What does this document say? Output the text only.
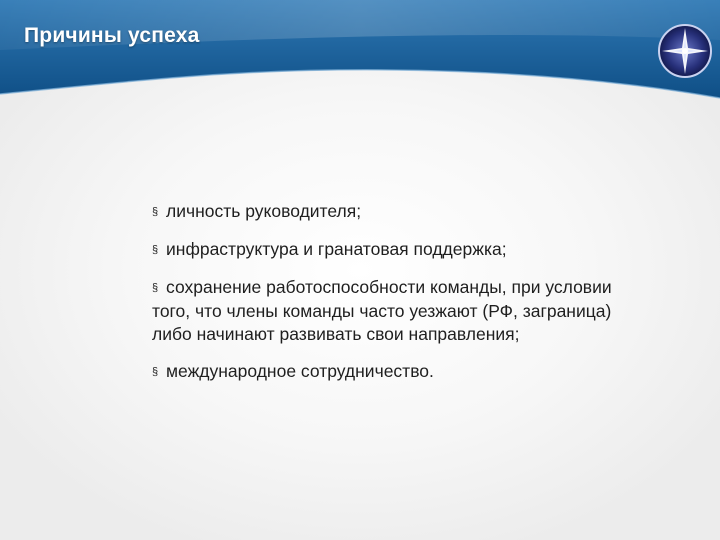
Причины успеха
§ личность руководителя;
§ инфраструктура и гранатовая поддержка;
§ сохранение работоспособности команды, при условии того, что члены команды часто уезжают (РФ, заграница) либо начинают развивать свои направления;
§ международное сотрудничество.
